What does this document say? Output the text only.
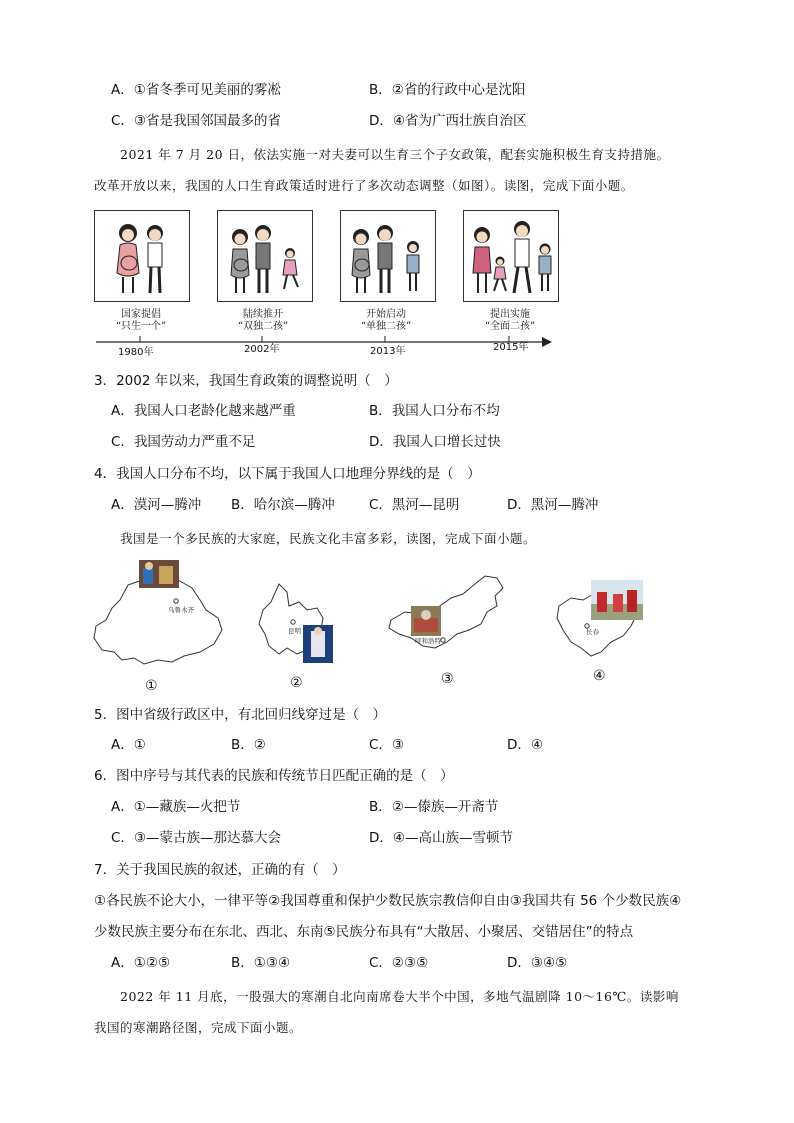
A．①省冬季可见美丽的雾凇	B．②省的行政中心是沈阳
C．③省是我国邻国最多的省	D．④省为广西壮族自治区
2021 年 7 月 20 日，依法实施一对夫妻可以生育三个子女政策，配套实施积极生育支持措施。
改革开放以来，我国的人口生育政策适时进行了多次动态调整（如图）。读图，完成下面小题。
国家提倡
“只生一个”
陆续推开
“双独二孩”
开始启动
“单独二孩”
提出实施
“全面二孩”
1980年	2002年	2013年	2015年
3．2002 年以来，我国生育政策的调整说明（　）
A．我国人口老龄化越来越严重	B．我国人口分布不均
C．我国劳动力严重不足	D．我国人口增长过快
4．我国人口分布不均，以下属于我国人口地理分界线的是（　）
A．漠河—腾冲 B．哈尔滨—腾冲	C．黑河—昆明	D．黑河—腾冲
我国是一个多民族的大家庭，民族文化丰富多彩，读图，完成下面小题。
乌鲁木齐
①
昆明
②
呼和浩特
③
长春
④
5．图中省级行政区中，有北回归线穿过是（　）
A．①	B．②	C．③	D．④
6．图中序号与其代表的民族和传统节日匹配正确的是（　）
A．①—藏族—火把节	B．②—傣族—开斋节
C．③—蒙古族—那达慕大会	D．④—高山族—雪顿节
7．关于我国民族的叙述，正确的有（　）
①各民族不论大小，一律平等②我国尊重和保护少数民族宗教信仰自由③我国共有 56 个少数民族④
少数民族主要分布在东北、西北、东南⑤民族分布具有“大散居、小聚居、交错居住”的特点
A．①②⑤	B．①③④	C．②③⑤	D．③④⑤
2022 年 11 月底，一股强大的寒潮自北向南席卷大半个中国，多地气温剧降 10～16℃。读影响
我国的寒潮路径图，完成下面小题。
